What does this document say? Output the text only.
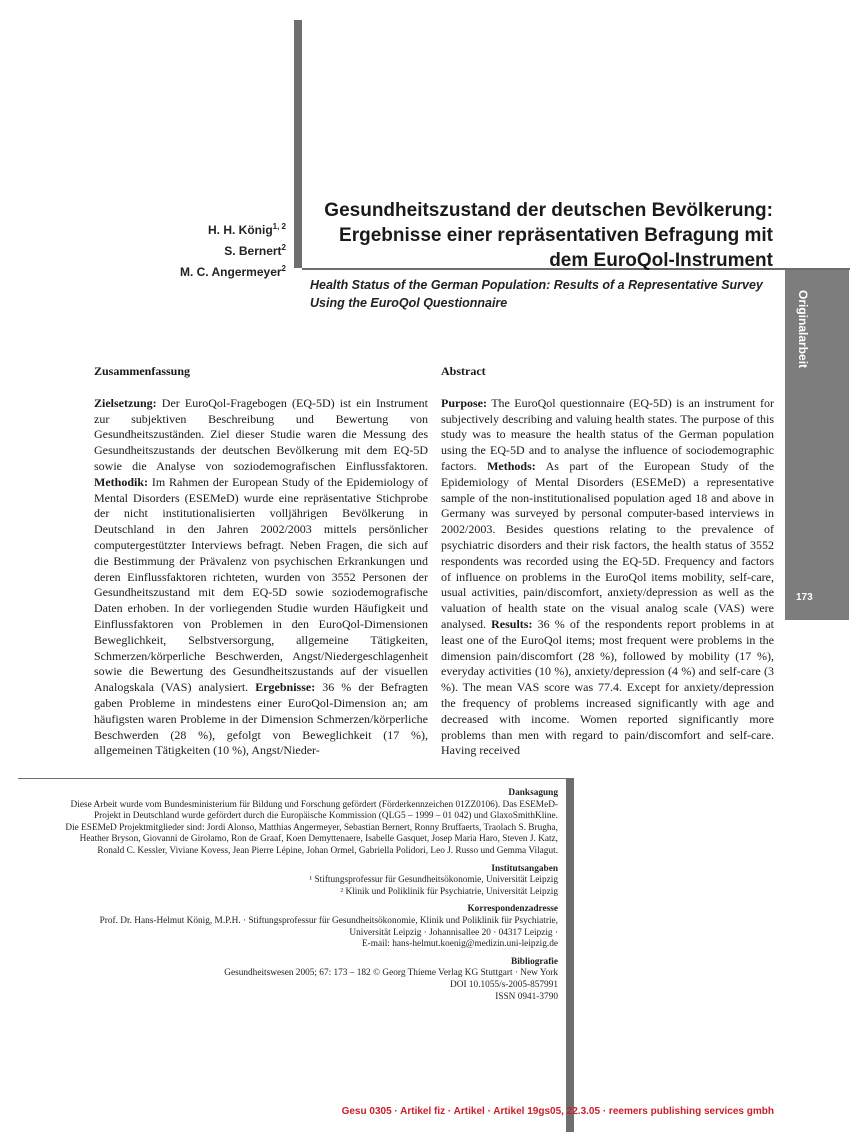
H. H. König$^{1, 2}$
S. Bernert$^2$
M. C. Angermeyer$^2$
Gesundheitszustand der deutschen Bevölkerung: Ergebnisse einer repräsentativen Befragung mit dem EuroQol-Instrument
Health Status of the German Population: Results of a Representative Survey Using the EuroQol Questionnaire	Originalarbeit
173
Zusammenfassung
Zielsetzung: Der EuroQol-Fragebogen (EQ-5D) ist ein Instrument zur subjektiven Beschreibung und Bewertung von Gesundheitszuständen. Ziel dieser Studie waren die Messung des Gesundheitszustands der deutschen Bevölkerung mit dem EQ-5D sowie die Analyse von soziodemografischen Einflussfaktoren. Methodik: Im Rahmen der European Study of the Epidemiology of Mental Disorders (ESEMeD) wurde eine repräsentative Stichprobe der nicht institutionalisierten volljährigen Bevölkerung in Deutschland in den Jahren 2002/2003 mittels persönlicher computergestützter Interviews befragt. Neben Fragen, die sich auf die Bestimmung der Prävalenz von psychischen Erkrankungen und deren Einflussfaktoren richteten, wurden von 3552 Personen der Gesundheitszustand mit dem EQ-5D sowie soziodemografische Daten erhoben. In der vorliegenden Studie wurden Häufigkeit und Einflussfaktoren von Problemen in den EuroQol-Dimensionen Beweglichkeit, Selbstversorgung, allgemeine Tätigkeiten, Schmerzen/körperliche Beschwerden, Angst/Niedergeschlagenheit sowie die Bewertung des Gesundheitszustands auf der visuellen Analogskala (VAS) analysiert. Ergebnisse: 36 % der Befragten gaben Probleme in mindestens einer EuroQol-Dimension an; am häufigsten waren Probleme in der Dimension Schmerzen/körperliche Beschwerden (28 %), gefolgt von Beweglichkeit (17 %), allgemeinen Tätigkeiten (10 %), Angst/Nieder-
Abstract
Purpose: The EuroQol questionnaire (EQ-5D) is an instrument for subjectively describing and valuing health states. The purpose of this study was to measure the health status of the German population using the EQ-5D and to analyse the influence of sociodemographic factors. Methods: As part of the European Study of the Epidemiology of Mental Disorders (ESEMeD) a representative sample of the non-institutionalised population aged 18 and above in Germany was surveyed by personal computer-based interviews in 2002/2003. Besides questions relating to the prevalence of psychiatric disorders and their risk factors, the health status of 3552 respondents was recorded using the EQ-5D. Frequency and factors of influence on problems in the EuroQol items mobility, self-care, usual activities, pain/discomfort, anxiety/depression as well as the valuation of health state on the visual analog scale (VAS) were analysed. Results: 36 % of the respondents report problems in at least one of the EuroQol items; most frequent were problems in the dimension pain/discomfort (28 %), followed by mobility (17 %), everyday activities (10 %), anxiety/depression (4 %) and self-care (3 %). The mean VAS score was 77.4. Except for anxiety/depression the frequency of problems increased significantly with age and decreased with income. Women reported significantly more problems than men with regard to pain/discomfort and self-care. Having received
Danksagung
Diese Arbeit wurde vom Bundesministerium für Bildung und Forschung gefördert (Förderkennzeichen 01ZZ0106). Das ESEMeD-Projekt in Deutschland wurde gefördert durch die Europäische Kommission (QLG5 – 1999 – 01 042) und GlaxoSmithKline.
Die ESEMeD Projektmitglieder sind: Jordi Alonso, Matthias Angermeyer, Sebastian Bernert, Ronny Bruffaerts, Traolach S. Brugha, Heather Bryson, Giovanni de Girolamo, Ron de Graaf, Koen Demyttenaere, Isabelle Gasquet, Josep Maria Haro, Steven J. Katz, Ronald C. Kessler, Viviane Kovess, Jean Pierre Lépine, Johan Ormel, Gabriella Polidori, Leo J. Russo und Gemma Vilagut.
Institutsangaben
¹ Stiftungsprofessur für Gesundheitsökonomie, Universität Leipzig
² Klinik und Poliklinik für Psychiatrie, Universität Leipzig
Korrespondenzadresse
Prof. Dr. Hans-Helmut König, M.P.H. · Stiftungsprofessur für Gesundheitsökonomie, Klinik und Poliklinik für Psychiatrie, Universität Leipzig · Johannisallee 20 · 04317 Leipzig ·
E-mail: hans-helmut.koenig@medizin.uni-leipzig.de
Bibliografie
Gesundheitswesen 2005; 67: 173 – 182 © Georg Thieme Verlag KG Stuttgart · New York
DOI 10.1055/s-2005-857991
ISSN 0941-3790
Gesu 0305 · Artikel fiz · Artikel · Artikel 19gs05, 22.3.05 · reemers publishing services gmbh
